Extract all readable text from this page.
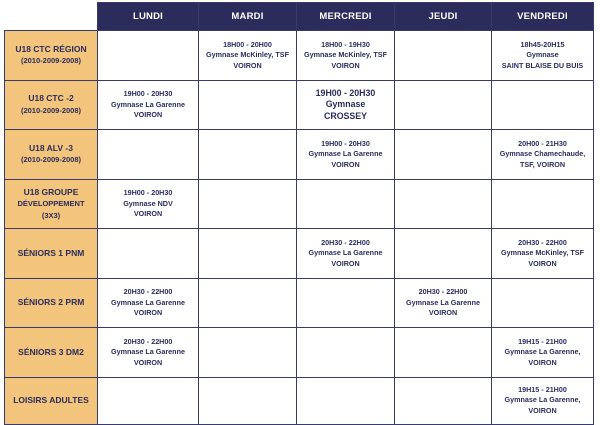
	LUNDI	MARDI	MERCREDI	JEUDI	VENDREDI
U18 CTC RÉGION
(2010-2009-2008)		18H00 - 20H00
Gymnase McKinley, TSF
VOIRON	18H00 - 19H30
Gymnase McKinley, TSF
VOIRON		18h45-20H15
Gymnase
SAINT BLAISE DU BUIS

U18 CTC -2
(2010-2009-2008)	19H00 - 20H30
Gymnase La Garenne
VOIRON		19H00 - 20H30
Gymnase
CROSSEY		

U18 ALV -3
(2010-2009-2008)			19H00 - 20H30
Gymnase La Garenne
VOIRON		20H00 - 21H30
Gymnase Chamechaude,
TSF, VOIRON

U18 GROUPE
DÉVELOPPEMENT
(3X3)	19H00 - 20H30
Gymnase NDV
VOIRON				

SÉNIORS 1 PNM			20H30 - 22H00
Gymnase La Garenne
VOIRON		20H30 - 22H00
Gymnase McKinley, TSF
VOIRON

SÉNIORS 2 PRM	20H30 - 22H00
Gymnase La Garenne
VOIRON			20H30 - 22H00
Gymnase La Garenne
VOIRON	

SÉNIORS 3 DM2	20H30 - 22H00
Gymnase La Garenne
VOIRON				19H15 - 21H00
Gymnase La Garenne,
VOIRON

LOISIRS ADULTES					19H15 - 21H00
Gymnase La Garenne,
VOIRON
